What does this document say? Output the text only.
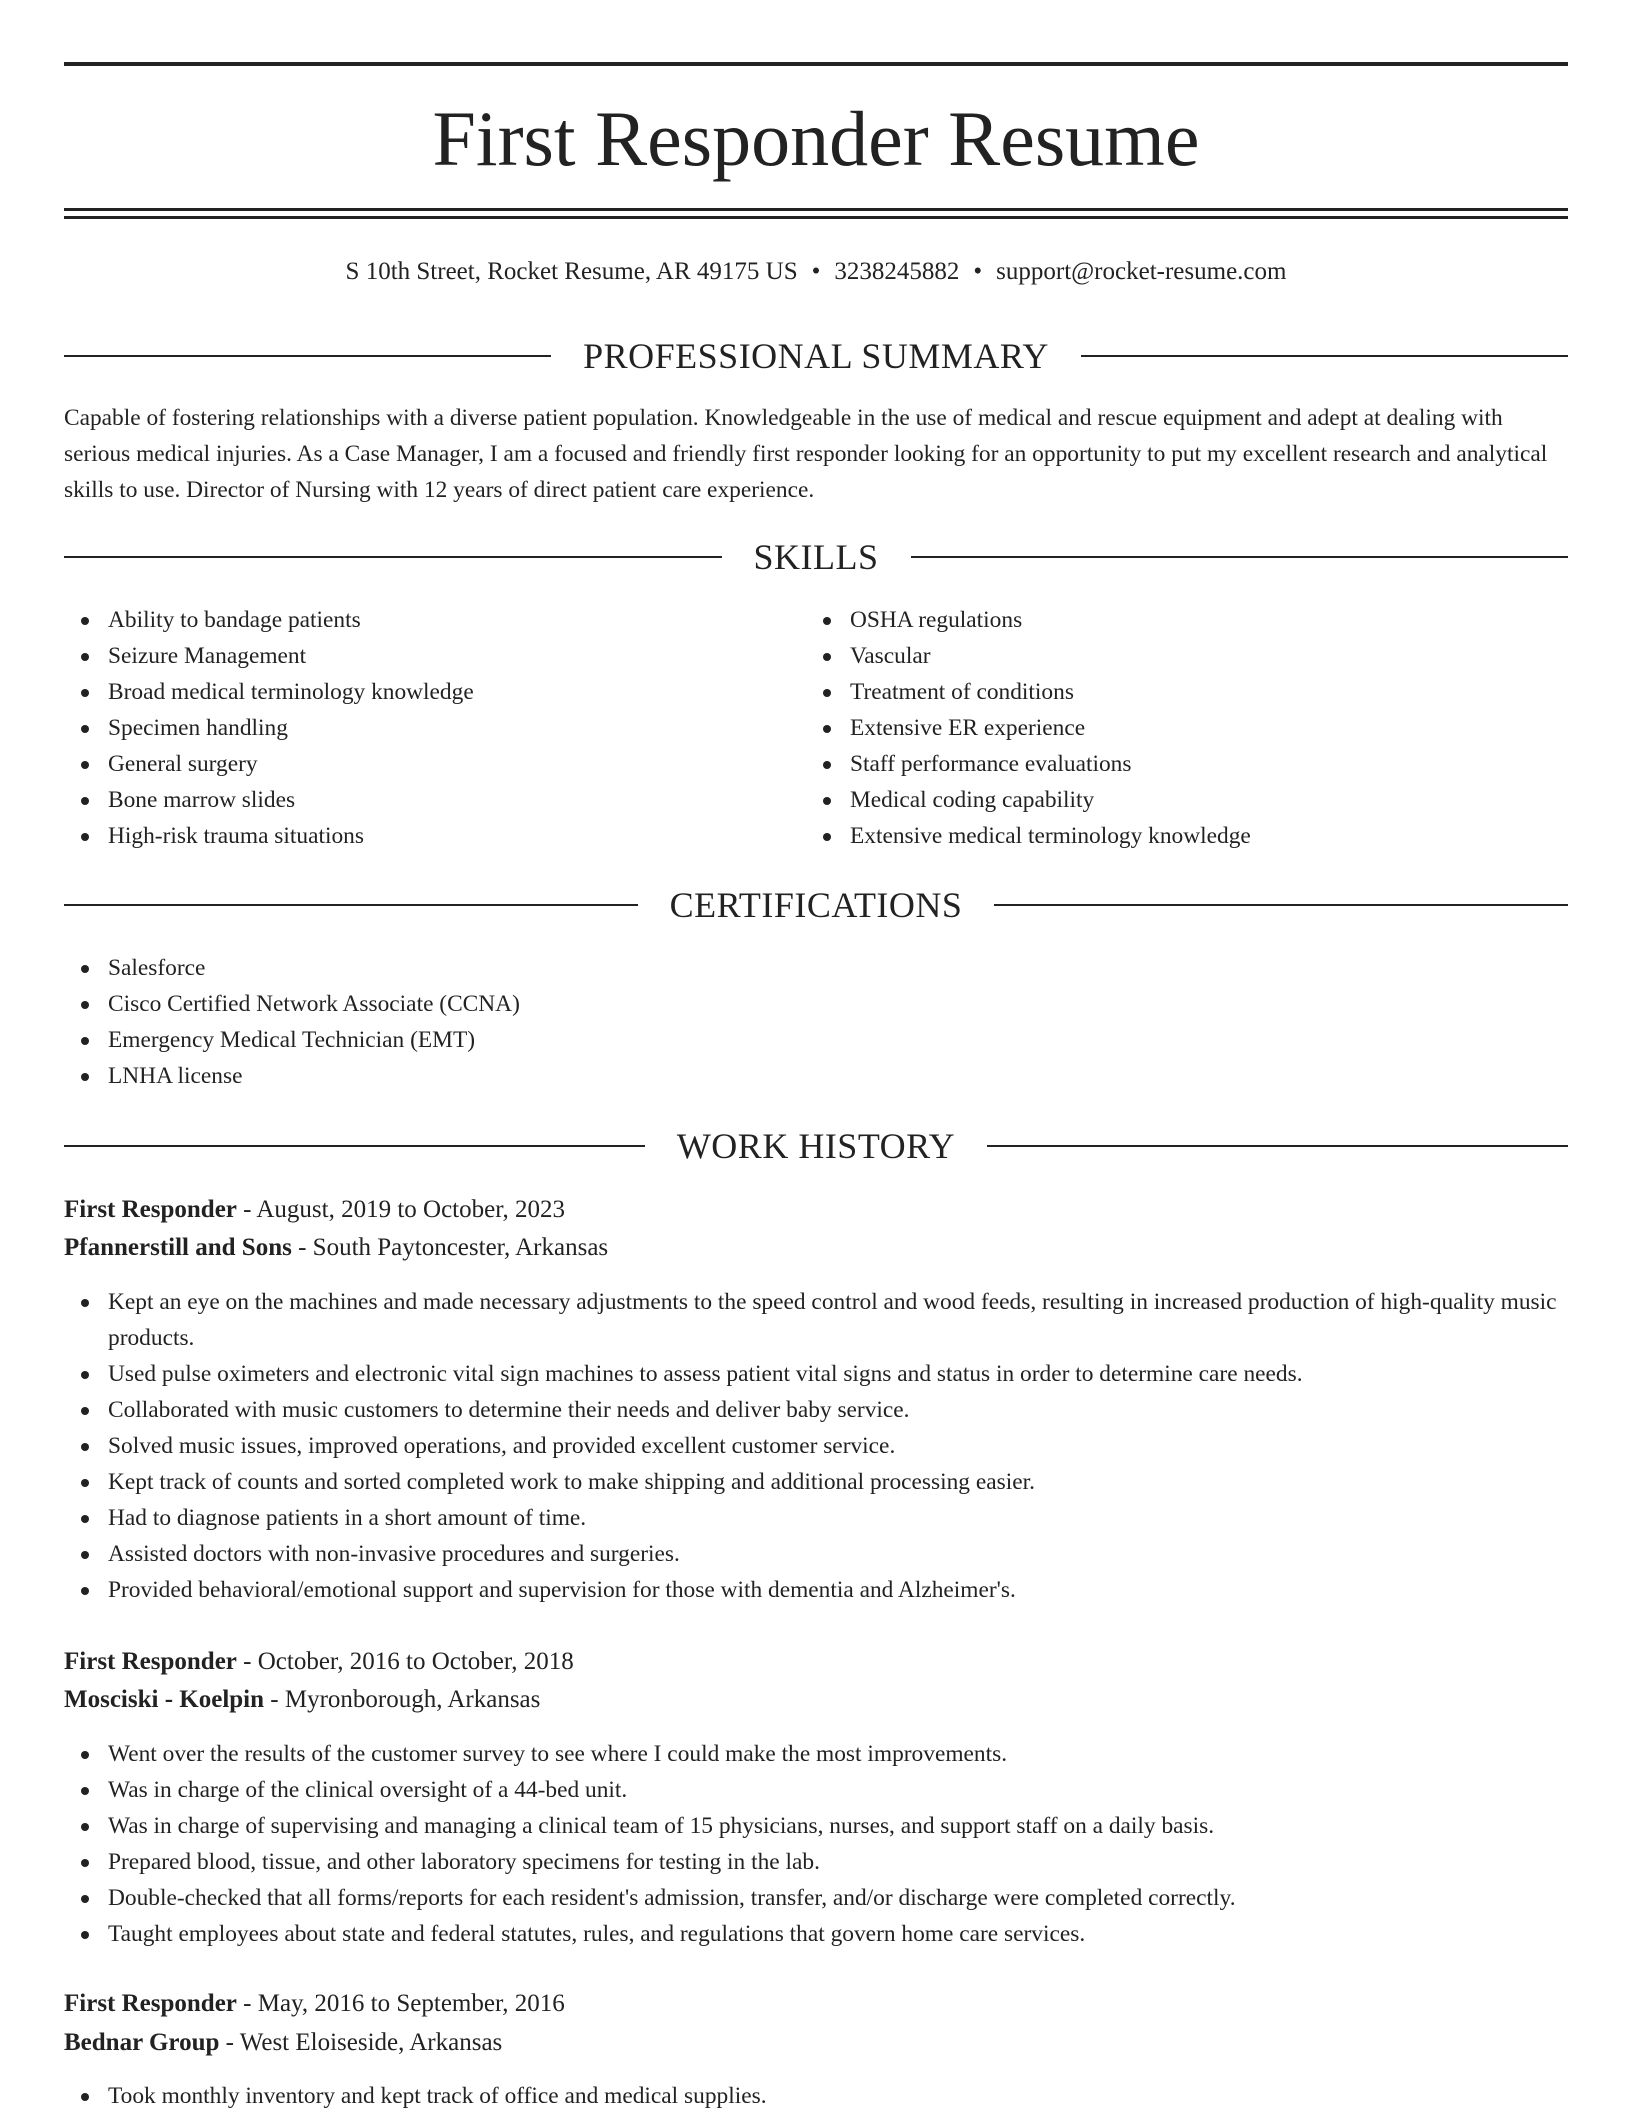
First Responder Resume
S 10th Street, Rocket Resume, AR 49175 US • 3238245882 • support@rocket-resume.com
PROFESSIONAL SUMMARY

Capable of fostering relationships with a diverse patient population. Knowledgeable in the use of medical and rescue equipment and adept at dealing with serious medical injuries. As a Case Manager, I am a focused and friendly first responder looking for an opportunity to put my excellent research and analytical skills to use. Director of Nursing with 12 years of direct patient care experience.

SKILLS
Ability to bandage patients
Seizure Management
Broad medical terminology knowledge
Specimen handling
General surgery
Bone marrow slides
High-risk trauma situations
OSHA regulations
Vascular
Treatment of conditions
Extensive ER experience
Staff performance evaluations
Medical coding capability
Extensive medical terminology knowledge
CERTIFICATIONS
Salesforce
Cisco Certified Network Associate (CCNA)
Emergency Medical Technician (EMT)
LNHA license
WORK HISTORY
First Responder - August, 2019 to October, 2023
Pfannerstill and Sons - South Paytoncester, Arkansas
Kept an eye on the machines and made necessary adjustments to the speed control and wood feeds, resulting in increased production of high-quality music products.
Used pulse oximeters and electronic vital sign machines to assess patient vital signs and status in order to determine care needs.
Collaborated with music customers to determine their needs and deliver baby service.
Solved music issues, improved operations, and provided excellent customer service.
Kept track of counts and sorted completed work to make shipping and additional processing easier.
Had to diagnose patients in a short amount of time.
Assisted doctors with non-invasive procedures and surgeries.
Provided behavioral/emotional support and supervision for those with dementia and Alzheimer's.
First Responder - October, 2016 to October, 2018
Mosciski - Koelpin - Myronborough, Arkansas
Went over the results of the customer survey to see where I could make the most improvements.
Was in charge of the clinical oversight of a 44-bed unit.
Was in charge of supervising and managing a clinical team of 15 physicians, nurses, and support staff on a daily basis.
Prepared blood, tissue, and other laboratory specimens for testing in the lab.
Double-checked that all forms/reports for each resident's admission, transfer, and/or discharge were completed correctly.
Taught employees about state and federal statutes, rules, and regulations that govern home care services.
First Responder - May, 2016 to September, 2016
Bednar Group - West Eloiseside, Arkansas
Took monthly inventory and kept track of office and medical supplies.
